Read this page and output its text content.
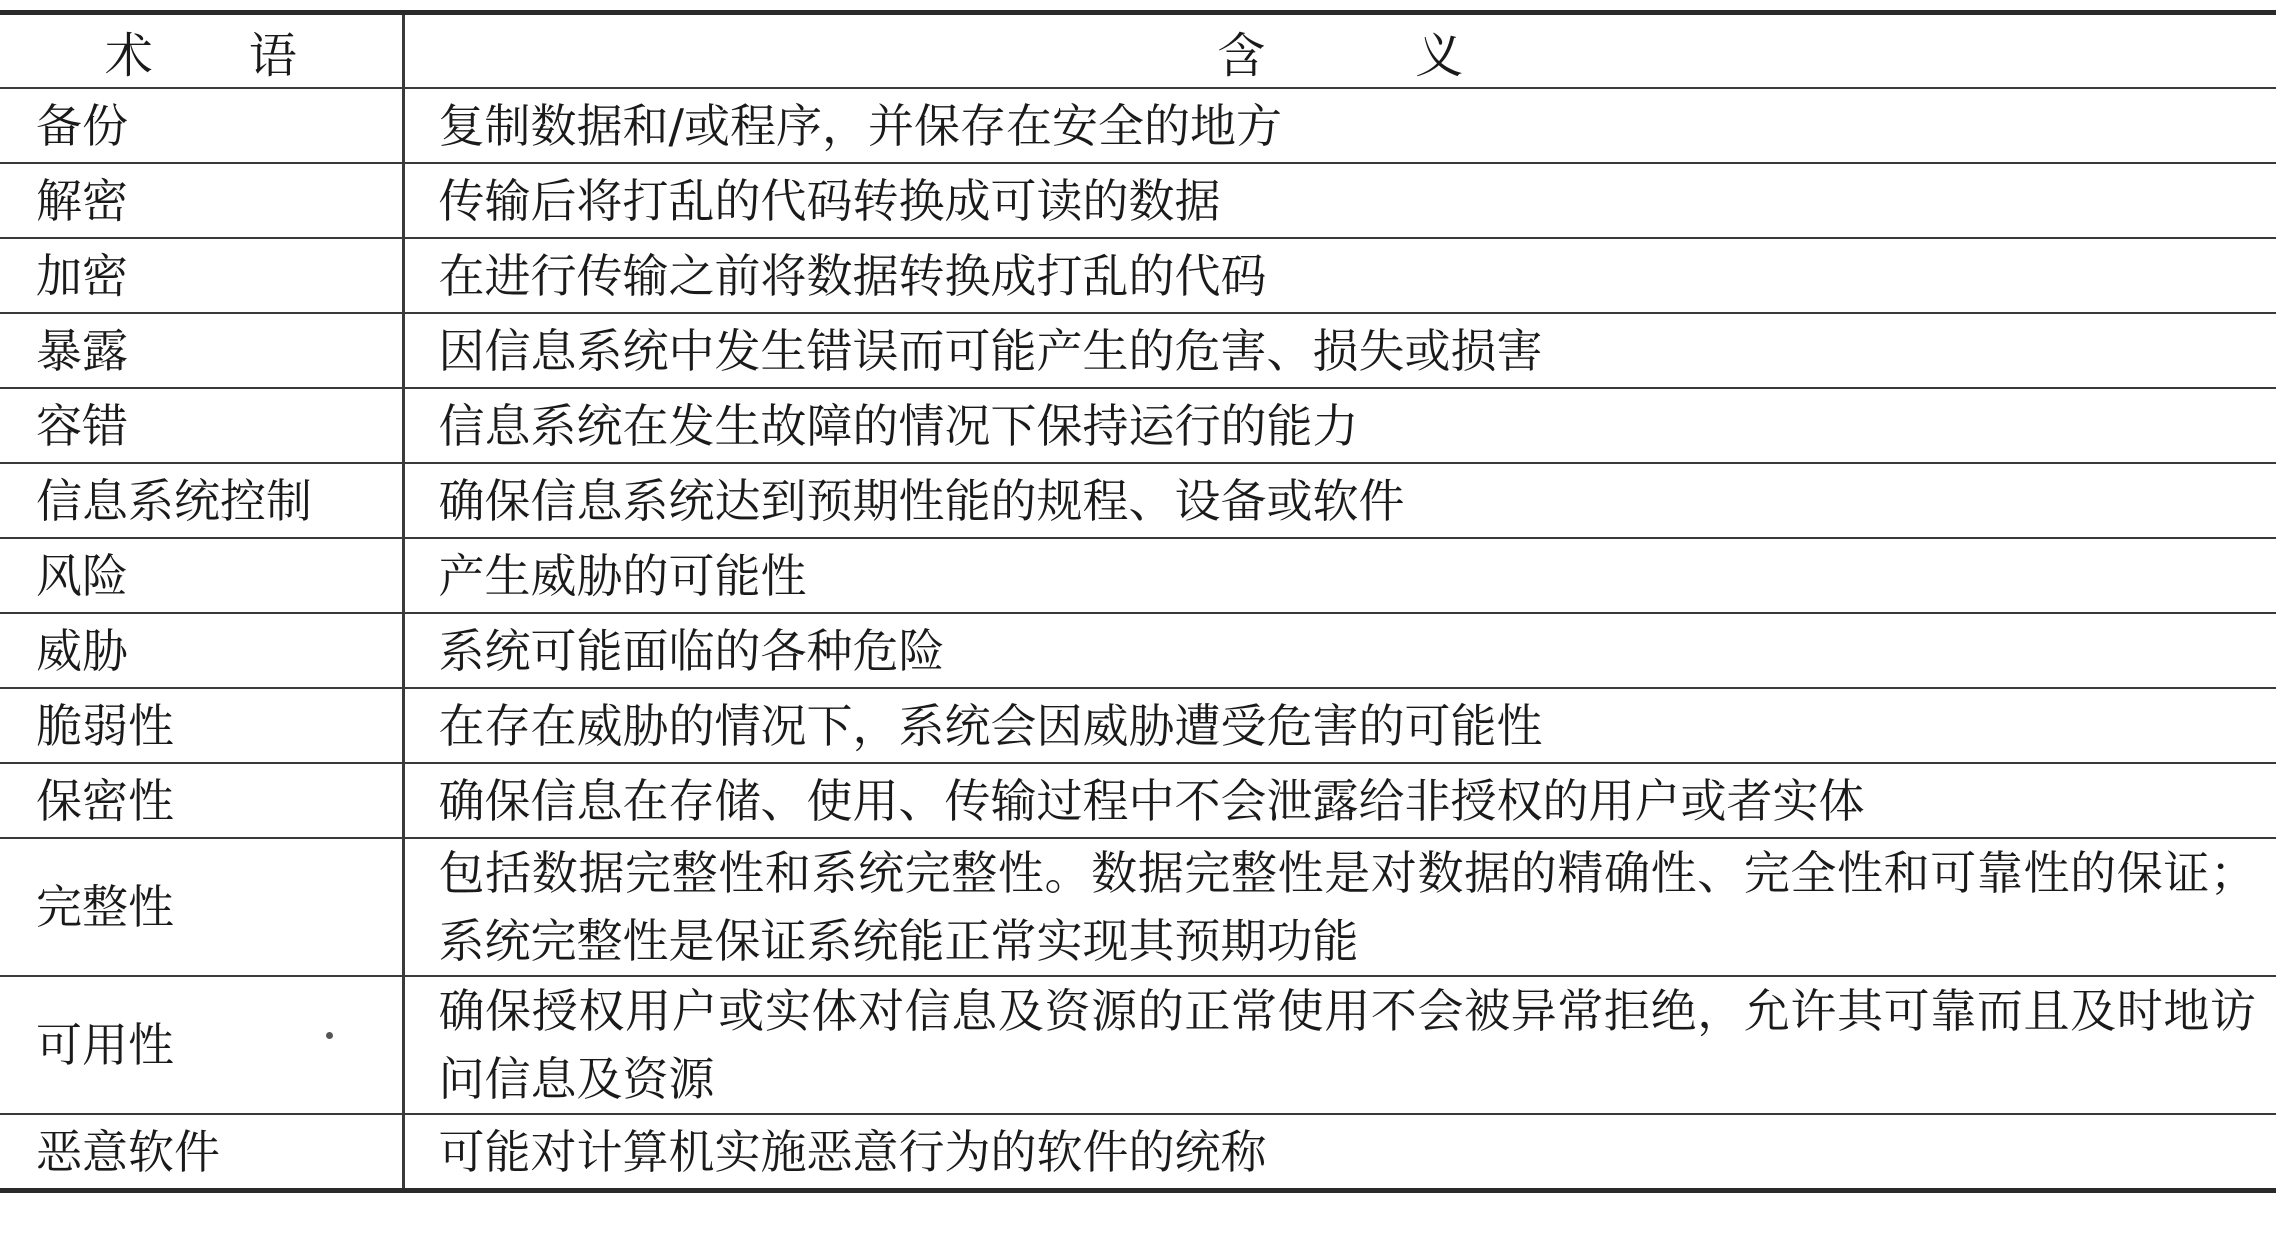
术语	含义
备份	复制数据和/或程序，并保存在安全的地方
解密	传输后将打乱的代码转换成可读的数据
加密	在进行传输之前将数据转换成打乱的代码
暴露	因信息系统中发生错误而可能产生的危害、损失或损害
容错	信息系统在发生故障的情况下保持运行的能力
信息系统控制	确保信息系统达到预期性能的规程、设备或软件
风险	产生威胁的可能性
威胁	系统可能面临的各种危险
脆弱性	在存在威胁的情况下，系统会因威胁遭受危害的可能性
保密性	确保信息在存储、使用、传输过程中不会泄露给非授权的用户或者实体
完整性	包括数据完整性和系统完整性。数据完整性是对数据的精确性、完全性和可靠性的保证；系统完整性是保证系统能正常实现其预期功能
可用性	确保授权用户或实体对信息及资源的正常使用不会被异常拒绝，允许其可靠而且及时地访问信息及资源
恶意软件	可能对计算机实施恶意行为的软件的统称
